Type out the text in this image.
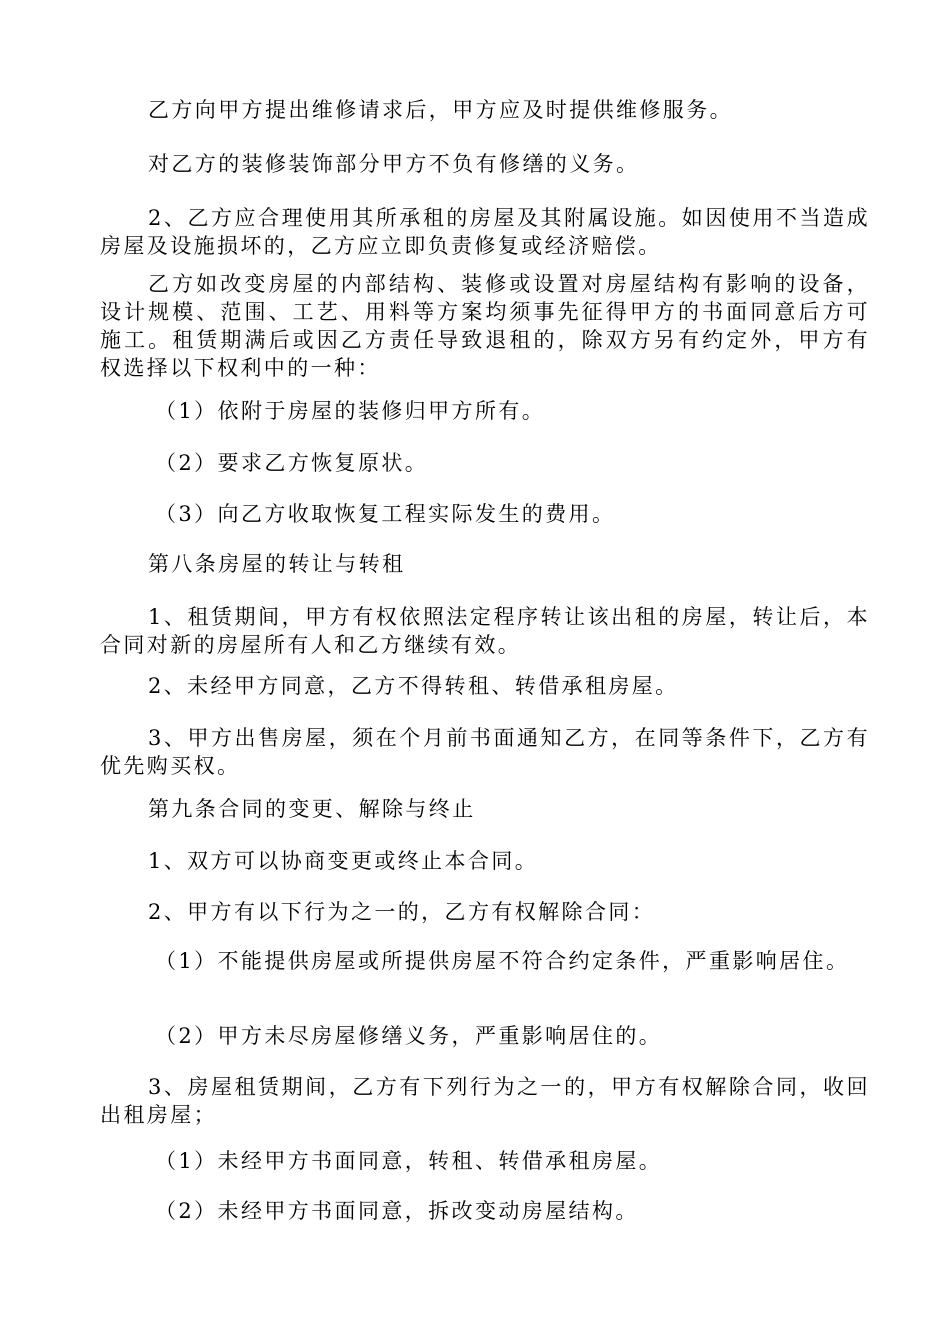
乙方向甲方提出维修请求后，甲方应及时提供维修服务。

对乙方的装修装饰部分甲方不负有修缮的义务。

2、乙方应合理使用其所承租的房屋及其附属设施。如因使用不当造成房屋及设施损坏的，乙方应立即负责修复或经济赔偿。

乙方如改变房屋的内部结构、装修或设置对房屋结构有影响的设备，设计规模、范围、工艺、用料等方案均须事先征得甲方的书面同意后方可施工。租赁期满后或因乙方责任导致退租的，除双方另有约定外，甲方有权选择以下权利中的一种：

（1）依附于房屋的装修归甲方所有。

（2）要求乙方恢复原状。

（3）向乙方收取恢复工程实际发生的费用。

第八条房屋的转让与转租

1、租赁期间，甲方有权依照法定程序转让该出租的房屋，转让后，本合同对新的房屋所有人和乙方继续有效。

2、未经甲方同意，乙方不得转租、转借承租房屋。

3、甲方出售房屋，须在个月前书面通知乙方，在同等条件下，乙方有优先购买权。

第九条合同的变更、解除与终止

1、双方可以协商变更或终止本合同。

2、甲方有以下行为之一的，乙方有权解除合同：

（1）不能提供房屋或所提供房屋不符合约定条件，严重影响居住。

（2）甲方未尽房屋修缮义务，严重影响居住的。

3、房屋租赁期间，乙方有下列行为之一的，甲方有权解除合同，收回出租房屋；

（1）未经甲方书面同意，转租、转借承租房屋。

（2）未经甲方书面同意，拆改变动房屋结构。
